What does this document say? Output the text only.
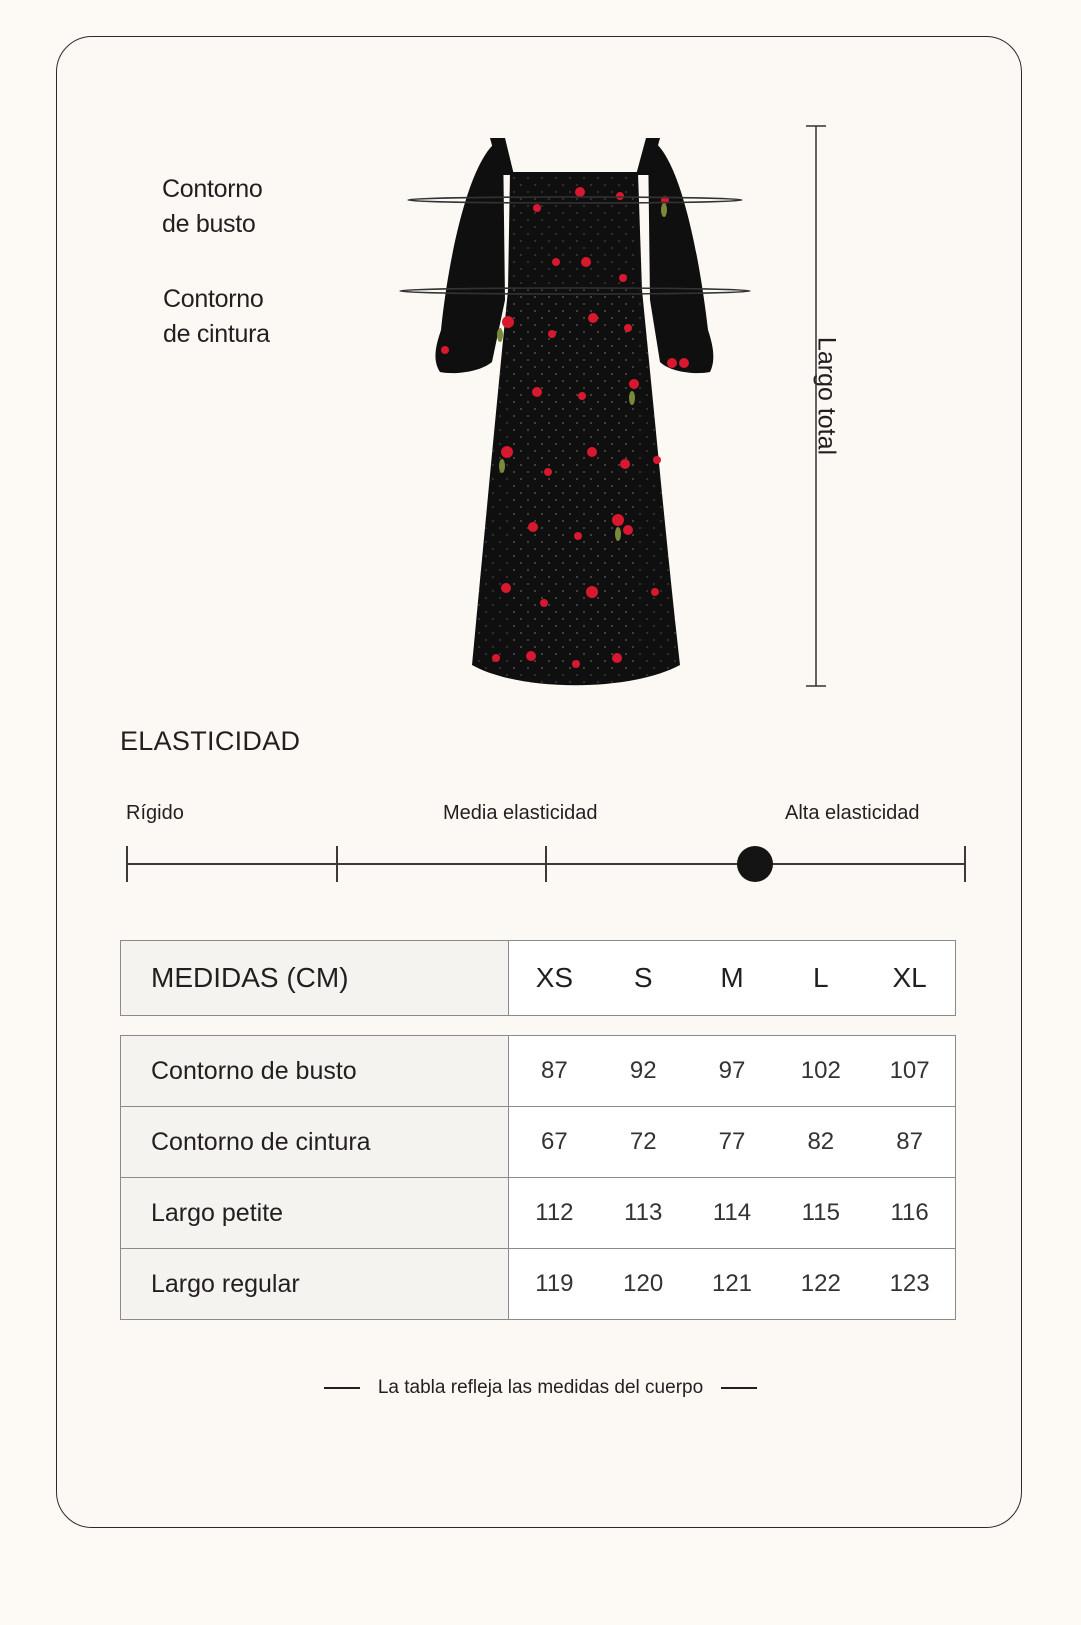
Contorno
de busto
Contorno
de cintura
Largo total
ELASTICIDAD
Rígido	Media elasticidad	Alta elasticidad
MEDIDAS (CM)	XS	S	M	L	XL
Contorno de busto	87 92 97 102 107

Contorno de cintura	67 72 77 82 87

Largo petite	112 113 114 115 116

Largo regular	119 120 121 122 123
La tabla refleja las medidas del cuerpo
